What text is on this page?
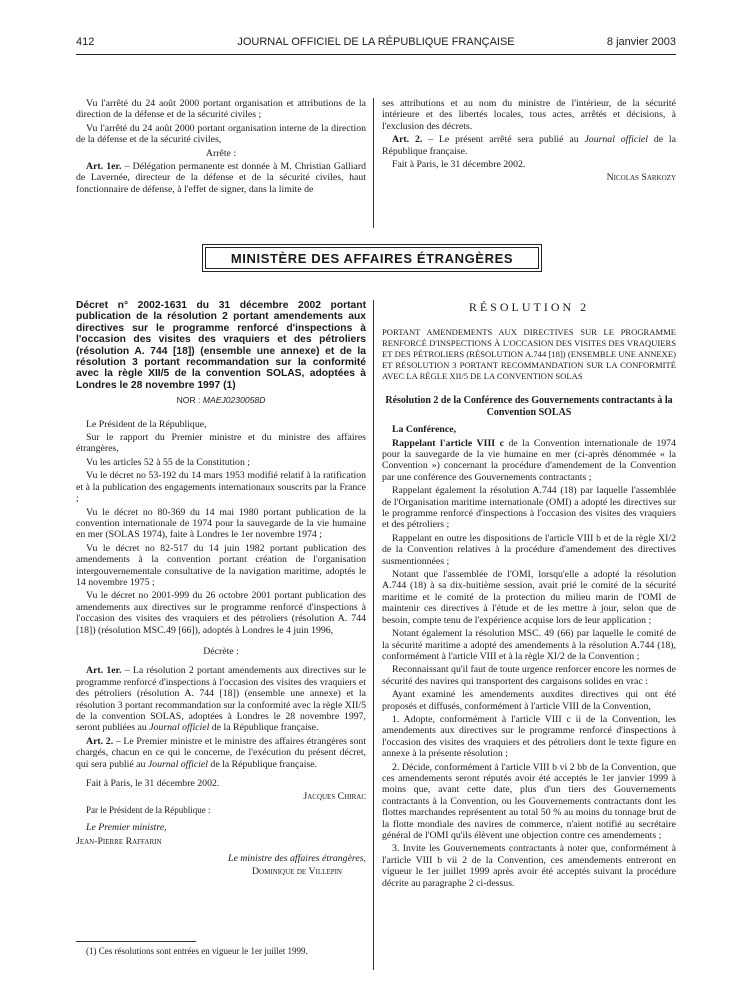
412	JOURNAL OFFICIEL DE LA RÉPUBLIQUE FRANÇAISE	8 janvier 2003

Vu l'arrêté du 24 août 2000 portant organisation et attributions de la direction de la défense et de la sécurité civiles ;

Vu l'arrêté du 24 août 2000 portant organisation interne de la direction de la défense et de la sécurité civiles,

Arrête :

Art. 1er. – Délégation permanente est donnée à M. Christian Galliard de Lavernée, directeur de la défense et de la sécurité civiles, haut fonctionnaire de défense, à l'effet de signer, dans la limite de

ses attributions et au nom du ministre de l'intérieur, de la sécurité intérieure et des libertés locales, tous actes, arrêtés et décisions, à l'exclusion des décrets.

Art. 2. – Le présent arrêté sera publié au Journal officiel de la République française.

Fait à Paris, le 31 décembre 2002.

Nicolas Sarkozy

MINISTÈRE DES AFFAIRES ÉTRANGÈRES
Décret n° 2002-1631 du 31 décembre 2002 portant publication de la résolution 2 portant amendements aux directives sur le programme renforcé d'inspections à l'occasion des visites des vraquiers et des pétroliers (résolution A. 744 [18]) (ensemble une annexe) et de la résolution 3 portant recommandation sur la conformité avec la règle XII/5 de la convention SOLAS, adoptées à Londres le 28 novembre 1997 (1)
NOR : MAEJ0230058D

Le Président de la République,

Sur le rapport du Premier ministre et du ministre des affaires étrangères,

Vu les articles 52 à 55 de la Constitution ;

Vu le décret no 53-192 du 14 mars 1953 modifié relatif à la ratification et à la publication des engagements internationaux souscrits par la France ;

Vu le décret no 80-369 du 14 mai 1980 portant publication de la convention internationale de 1974 pour la sauvegarde de la vie humaine en mer (SOLAS 1974), faite à Londres le 1er novembre 1974 ;

Vu le décret no 82-517 du 14 juin 1982 portant publication des amendements à la convention portant création de l'organisation intergouvernementale consultative de la navigation maritime, adoptés le 14 novembre 1975 ;

Vu le décret no 2001-999 du 26 octobre 2001 portant publication des amendements aux directives sur le programme renforcé d'inspections à l'occasion des visites des vraquiers et des pétroliers (résolution A. 744 [18]) (résolution MSC.49 [66]), adoptés à Londres le 4 juin 1996,

Décrète :

Art. 1er. – La résolution 2 portant amendements aux directives sur le programme renforcé d'inspections à l'occasion des visites des vraquiers et des pétroliers (résolution A. 744 [18]) (ensemble une annexe) et la résolution 3 portant recommandation sur la conformité avec la règle XII/5 de la convention SOLAS, adoptées à Londres le 28 novembre 1997, seront publiées au Journal officiel de la République française.

Art. 2. – Le Premier ministre et le ministre des affaires étrangères sont chargés, chacun en ce qui le concerne, de l'exécution du présent décret, qui sera publié au Journal officiel de la République française.

Fait à Paris, le 31 décembre 2002.

Jacques Chirac

Par le Président de la République :

Le Premier ministre,

Jean-Pierre Raffarin

Le ministre des affaires étrangères,

Dominique de Villepin

(1) Ces résolutions sont entrées en vigueur le 1er juillet 1999.
RÉSOLUTION 2
PORTANT AMENDEMENTS AUX DIRECTIVES SUR LE PROGRAMME RENFORCÉ D'INSPECTIONS À L'OCCASION DES VISITES DES VRAQUIERS ET DES PÉTROLIERS (RÉSOLUTION A.744 [18]) (ENSEMBLE UNE ANNEXE) ET RÉSOLUTION 3 PORTANT RECOMMANDATION SUR LA CONFORMITÉ AVEC LA RÈGLE XII/5 DE LA CONVENTION SOLAS
Résolution 2 de la Conférence des Gouvernements contractants à la Convention SOLAS

La Conférence,

Rappelant l'article VIII c de la Convention internationale de 1974 pour la sauvegarde de la vie humaine en mer (ci-après dénommée « la Convention ») concernant la procédure d'amendement de la Convention par une conférence des Gouvernements contractants ;

Rappelant également la résolution A.744 (18) par laquelle l'assemblée de l'Organisation maritime internationale (OMI) a adopté les directives sur le programme renforcé d'inspections à l'occasion des visites des vraquiers et des pétroliers ;

Rappelant en outre les dispositions de l'article VIII b et de la règle XI/2 de la Convention relatives à la procédure d'amendement des directives susmentionnées ;

Notant que l'assemblée de l'OMI, lorsqu'elle a adopté la résolution A.744 (18) à sa dix-huitième session, avait prié le comité de la sécurité maritime et le comité de la protection du milieu marin de l'OMI de maintenir ces directives à l'étude et de les mettre à jour, selon que de besoin, compte tenu de l'expérience acquise lors de leur application ;

Notant également la résolution MSC. 49 (66) par laquelle le comité de la sécurité maritime a adopté des amendements à la résolution A.744 (18), conformément à l'article VIII et à la règle XI/2 de la Convention ;

Reconnaissant qu'il faut de toute urgence renforcer encore les normes de sécurité des navires qui transportent des cargaisons solides en vrac :

Ayant examiné les amendements auxdites directives qui ont été proposés et diffusés, conformément à l'article VIII de la Convention,

1. Adopte, conformément à l'article VIII c ii de la Convention, les amendements aux directives sur le programme renforcé d'inspections à l'occasion des visites des vraquiers et des pétroliers dont le texte figure en annexe à la présente résolution ;

2. Décide, conformément à l'article VIII b vi 2 bb de la Convention, que ces amendements seront réputés avoir été acceptés le 1er janvier 1999 à moins que, avant cette date, plus d'un tiers des Gouvernements contractants à la Convention, ou les Gouvernements contractants dont les flottes marchandes représentent au total 50 % au moins du tonnage brut de la flotte mondiale des navires de commerce, n'aient notifié au secrétaire général de l'OMI qu'ils élèvent une objection contre ces amendements ;

3. Invite les Gouvernements contractants à noter que, conformément à l'article VIII b vii 2 de la Convention, ces amendements entreront en vigueur le 1er juillet 1999 après avoir été acceptés suivant la procédure décrite au paragraphe 2 ci-dessus.
